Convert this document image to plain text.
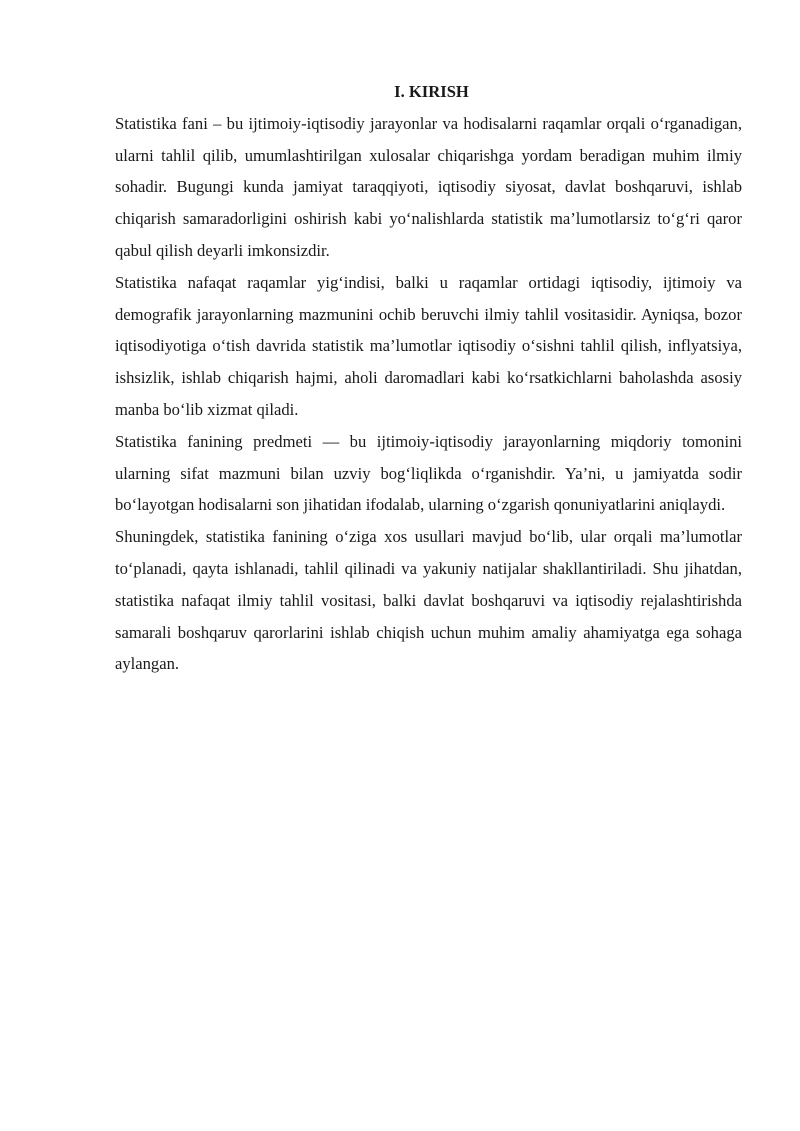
I. KIRISH

Statistika fani – bu ijtimoiy-iqtisodiy jarayonlar va hodisalarni raqamlar orqali o‘rganadigan, ularni tahlil qilib, umumlashtirilgan xulosalar chiqarishga yordam beradigan muhim ilmiy sohadir. Bugungi kunda jamiyat taraqqiyoti, iqtisodiy siyosat, davlat boshqaruvi, ishlab chiqarish samaradorligini oshirish kabi yo‘nalishlarda statistik ma’lumotlarsiz to‘g‘ri qaror qabul qilish deyarli imkonsizdir.

Statistika nafaqat raqamlar yig‘indisi, balki u raqamlar ortidagi iqtisodiy, ijtimoiy va demografik jarayonlarning mazmunini ochib beruvchi ilmiy tahlil vositasidir. Ayniqsa, bozor iqtisodiyotiga o‘tish davrida statistik ma’lumotlar iqtisodiy o‘sishni tahlil qilish, inflyatsiya, ishsizlik, ishlab chiqarish hajmi, aholi daromadlari kabi ko‘rsatkichlarni baholashda asosiy manba bo‘lib xizmat qiladi.

Statistika fanining predmeti — bu ijtimoiy-iqtisodiy jarayonlarning miqdoriy tomonini ularning sifat mazmuni bilan uzviy bog‘liqlikda o‘rganishdir. Ya’ni, u jamiyatda sodir bo‘layotgan hodisalarni son jihatidan ifodalab, ularning o‘zgarish qonuniyatlarini aniqlaydi.

Shuningdek, statistika fanining o‘ziga xos usullari mavjud bo‘lib, ular orqali ma’lumotlar to‘planadi, qayta ishlanadi, tahlil qilinadi va yakuniy natijalar shakllantiriladi. Shu jihatdan, statistika nafaqat ilmiy tahlil vositasi, balki davlat boshqaruvi va iqtisodiy rejalashtirishda samarali boshqaruv qarorlarini ishlab chiqish uchun muhim amaliy ahamiyatga ega sohaga aylangan.
